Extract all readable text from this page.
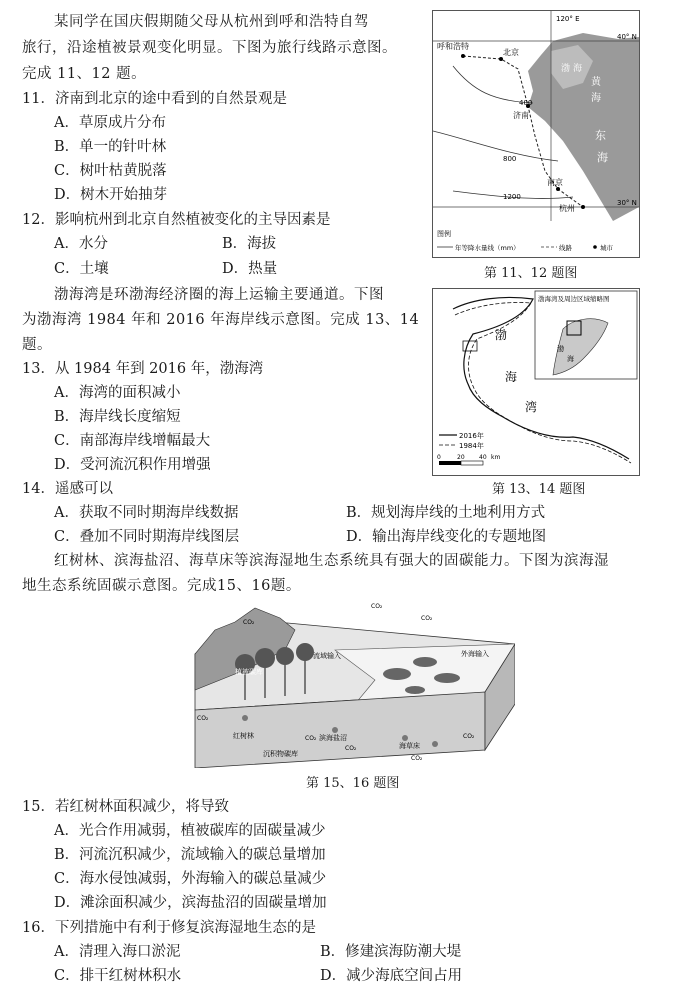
某同学在国庆假期随父母从杭州到呼和浩特自驾
旅行，沿途植被景观变化明显。下图为旅行线路示意图。
完成 11、12 题。
11．济南到北京的途中看到的自然景观是
A．草原成片分布
B．单一的针叶林
C．树叶枯黄脱落
D．树木开始抽芽
12．影响杭州到北京自然植被变化的主导因素是
A．水分	B．海拔
C．土壤	D．热量
120° E
40° N
30° N
呼和浩特
北京
济南
南京
杭州
渤 海
黄
海
东
海
400
800
1200
图例
年等降水量线（mm）	线路	城市
第 11、12 题图
渤海湾是环渤海经济圈的海上运输主要通道。下图
为渤海湾 1984 年和 2016 年海岸线示意图。完成 13、14
题。
13．从 1984 年到 2016 年，渤海湾
A．海湾的面积减小
B．海岸线长度缩短
C．南部海岸线增幅最大
D．受河流沉积作用增强
渤
海
湾
渤海湾及周边区域缩略图
渤
海
2016年
1984年
0	20 40 km
第 13、14 题图
14．遥感可以
A．获取不同时期海岸线数据	B．规划海岸线的土地利用方式
C．叠加不同时期海岸线图层	D．输出海岸线变化的专题地图
红树林、滨海盐沼、海草床等滨海湿地生态系统具有强大的固碳能力。下图为滨海湿
地生态系统固碳示意图。完成15、16题。
CO₂
CO₂
CO₂
CO₂
CO₂
CO₂
CO₂
CO₂
植被碳库
流域输入	外海输入
红树林
沉积物碳库
滨海盐沼
海草床
第 15、16 题图
15．若红树林面积减少，将导致
A．光合作用减弱，植被碳库的固碳量减少
B．河流沉积减少，流域输入的碳总量增加
C．海水侵蚀减弱，外海输入的碳总量减少
D．滩涂面积减少，滨海盐沼的固碳量增加
16．下列措施中有利于修复滨海湿地生态的是
A．清理入海口淤泥	B．修建滨海防潮大堤
C．排干红树林积水	D．减少海底空间占用
